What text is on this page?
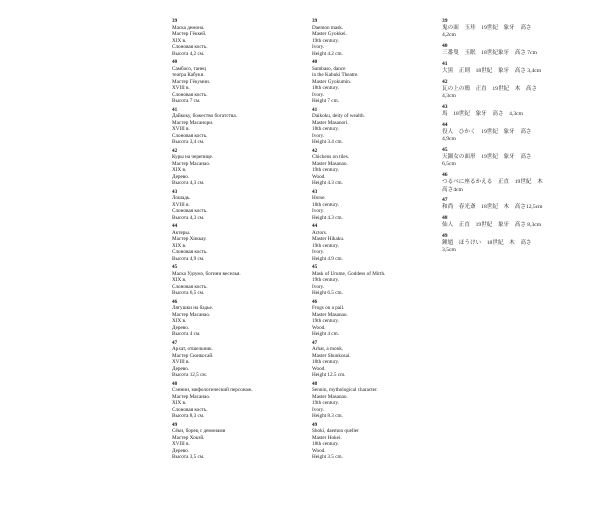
39
Маска демона.
Мастер Гёккей.
XIX в.
Слоновая кость.
Высота 4,2 см.
40
Самбасо, танец
театра Кабуки.
Мастер Гёкумин.
XVIII в.
Слоновая кость.
Высота 7 см.
41
Дайкоку, божество богатства.
Мастер Масанори.
XVIII в.
Слоновая кость.
Высота 3,4 см.
42
Куры на черепице.
Мастер Масанао.
XIX в.
Дерево.
Высота 4,3 см.
43
Лошадь.
XVIII в.
Слоновая кость.
Высота 4,3 см.
44
Актеры.
Мастер Хиккау.
XIX в.
Слоновая кость.
Высота 4,9 см.
45
Маска Удзумэ, богини веселья.
XIX в.
Слоновая кость.
Высота 6,5 см.
46
Лягушки на бадье.
Мастер Масанао.
XIX в.
Дерево.
Высота 4 см.
47
Архат, отшельник.
Мастер Сюнкосай.
XVIII в.
Дерево.
Высота 12,5 см.
48
Сэннин, мифологический персонаж.
Мастер Масанао.
XIX в.
Слоновая кость.
Высота 8,3 см.
49
Сёки, борец с демонами
Мастер Хокэй.
XVIII в.
Дерево.
Высота 3,5 см.
39
Daemon mask.
Master Gyokkei.
19th century.
Ivory.
Height 4.2 cm.
40
Sambaso, dance
in the Kabuki Theatre.
Master Gyokumin.
18th century.
Ivory.
Height 7 cm.
41
Daikoku, deity of wealth.
Master Masanori.
18th century.
Ivory.
Height 3.4 cm.
42
Chickens on tiles.
Master Masanao.
19th century.
Wood.
Height 4.3 cm.
43
Horse.
18th century.
Ivory.
Height 4.3 cm.
44
Actors.
Master Hikaku.
19th century.
Ivory.
Height 4.9 cm.
45
Mask of Urume, Goddess of Mirth.
19th century.
Ivory.
Height 6.5 cm.
46
Frogs on a pail.
Master Masanao.
19th century.
Wood.
Height 4 cm.
47
Arhat, a monk.
Master Shunkosai.
18th century.
Wood.
Height 12.5 cm.
48
Sennin, mythological character.
Master Masanao.
19th century.
Ivory.
Height 8.3 cm.
49
Shoki, daemon queller
Master Hokei.
18th century.
Wood.
Height 3.5 cm.
39
鬼の面　玉珪　19世紀　象牙　高さ
4,2cm
40
三番叟　玉眠　18世紀象牙　高さ 7cm
41
大黒　正則　18世紀　象牙　高さ 3,4cm
42
瓦の上の鶏　正直　19世紀　木　高さ
4,3cm
43
馬　18世紀　象牙　高さ　4,3cm
44
役人　ひかく　19世紀　象牙　高さ
4,9cm
45
天鈿女の面形　19世紀　象牙　高さ
6,5cm
46
つるべに座るかえる　正直　19世紀　木
高さ4cm
47
和尚　春光斎　18世紀　木　高さ12,5cm
48
仙人　正直　19世紀　象牙　高さ 8,3cm
49
鍾馗　ほうけい　18世紀　木　高さ
3,5cm
